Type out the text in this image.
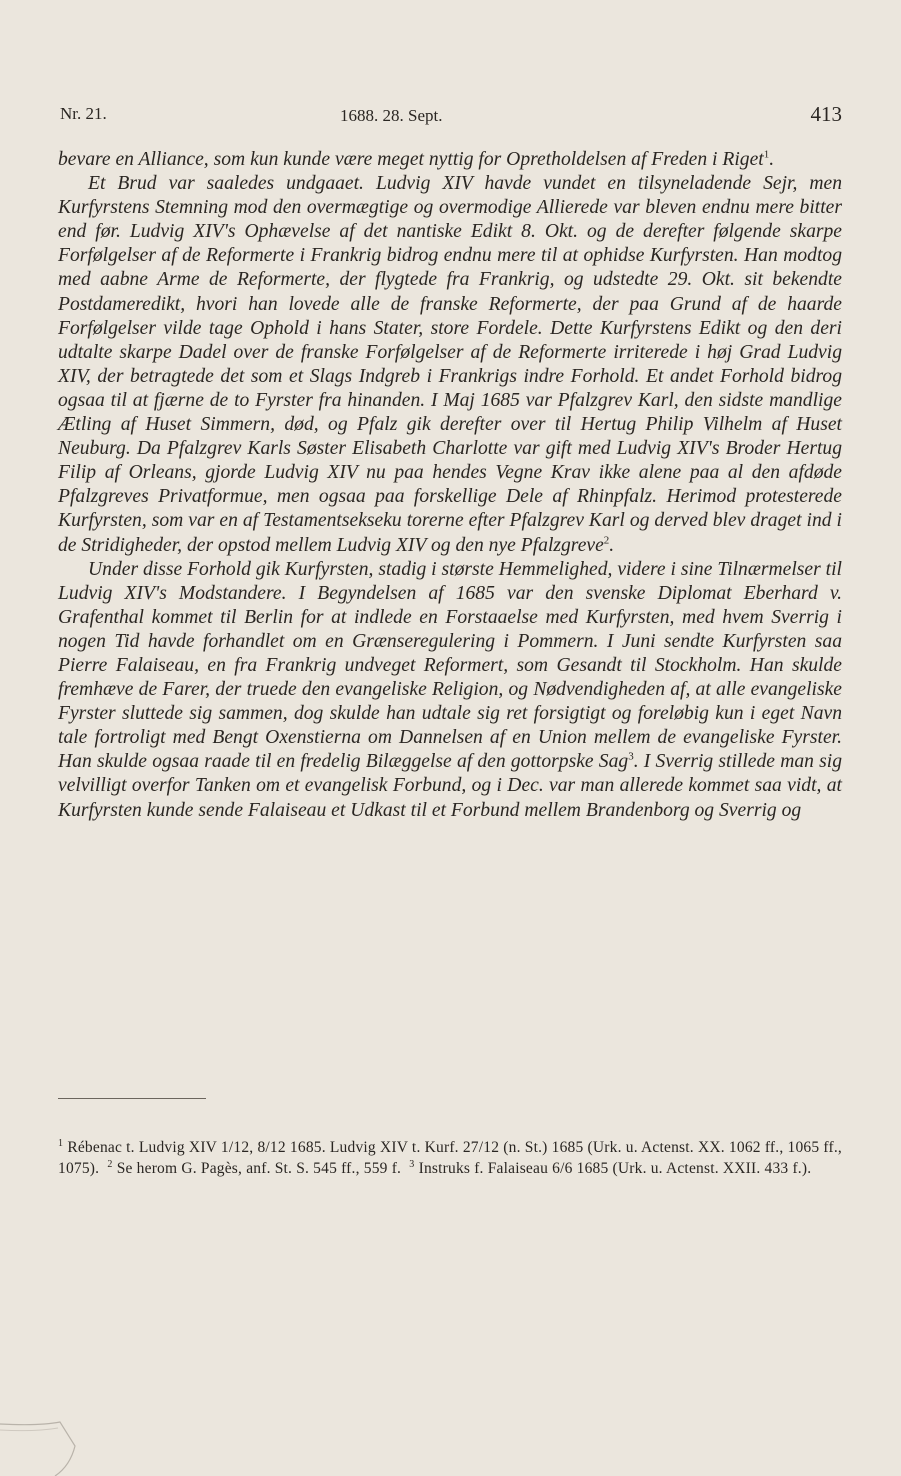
Nr. 21.	1688. 28. Sept.	413

bevare en Alliance, som kun kunde være meget nyttig for Opretholdelsen af Freden i Riget$^1$.

Et Brud var saaledes undgaaet. Ludvig XIV havde vundet en tilsyneladende Sejr, men Kurfyrstens Stemning mod den overmægtige og overmodige Allierede var bleven endnu mere bitter end før. Ludvig XIV's Ophævelse af det nantiske Edikt 8. Okt. og de derefter følgende skarpe Forfølgelser af de Reformerte i Frankrig bidrog endnu mere til at ophidse Kurfyrsten. Han modtog med aabne Arme de Reformerte, der flygtede fra Frankrig, og udstedte 29. Okt. sit bekendte Postdameredikt, hvori han lovede alle de franske Reformerte, der paa Grund af de haarde Forfølgelser vilde tage Ophold i hans Stater, store Fordele. Dette Kurfyrstens Edikt og den deri udtalte skarpe Dadel over de franske Forfølgelser af de Reformerte irriterede i høj Grad Ludvig XIV, der betragtede det som et Slags Indgreb i Frankrigs indre Forhold. Et andet Forhold bidrog ogsaa til at fjærne de to Fyrster fra hinanden. I Maj 1685 var Pfalzgrev Karl, den sidste mandlige Ætling af Huset Simmern, død, og Pfalz gik derefter over til Hertug Philip Vilhelm af Huset Neuburg. Da Pfalzgrev Karls Søster Elisabeth Charlotte var gift med Ludvig XIV's Broder Hertug Filip af Orleans, gjorde Ludvig XIV nu paa hendes Vegne Krav ikke alene paa al den afdøde Pfalzgreves Privatformue, men ogsaa paa forskellige Dele af Rhinpfalz. Herimod protesterede Kurfyrsten, som var en af Testamentsekseku torerne efter Pfalzgrev Karl og derved blev draget ind i de Stridigheder, der opstod mellem Ludvig XIV og den nye Pfalzgreve$^2$.

Under disse Forhold gik Kurfyrsten, stadig i største Hemmelighed, videre i sine Tilnærmelser til Ludvig XIV's Modstandere. I Begyndelsen af 1685 var den svenske Diplomat Eberhard v. Grafenthal kommet til Berlin for at indlede en Forstaaelse med Kurfyrsten, med hvem Sverrig i nogen Tid havde forhandlet om en Grænseregulering i Pommern. I Juni sendte Kurfyrsten saa Pierre Falaiseau, en fra Frankrig undveget Reformert, som Gesandt til Stockholm. Han skulde fremhæve de Farer, der truede den evangeliske Religion, og Nødvendigheden af, at alle evangeliske Fyrster sluttede sig sammen, dog skulde han udtale sig ret forsigtigt og foreløbig kun i eget Navn tale fortroligt med Bengt Oxenstierna om Dannelsen af en Union mellem de evangeliske Fyrster. Han skulde ogsaa raade til en fredelig Bilæggelse af den gottorpske Sag$^3$. I Sverrig stillede man sig velvilligt overfor Tanken om et evangelisk Forbund, og i Dec. var man allerede kommet saa vidt, at Kurfyrsten kunde sende Falaiseau et Udkast til et Forbund mellem Brandenborg og Sverrig og

$^1$ Rébenac t. Ludvig XIV 1/12, 8/12 1685. Ludvig XIV t. Kurf. 27/12 (n. St.) 1685 (Urk. u. Actenst. XX. 1062 ff., 1065 ff., 1075). $^2$ Se herom G. Pagès, anf. St. S. 545 ff., 559 f. $^3$ Instruks f. Falaiseau 6/6 1685 (Urk. u. Actenst. XXII. 433 f.).
